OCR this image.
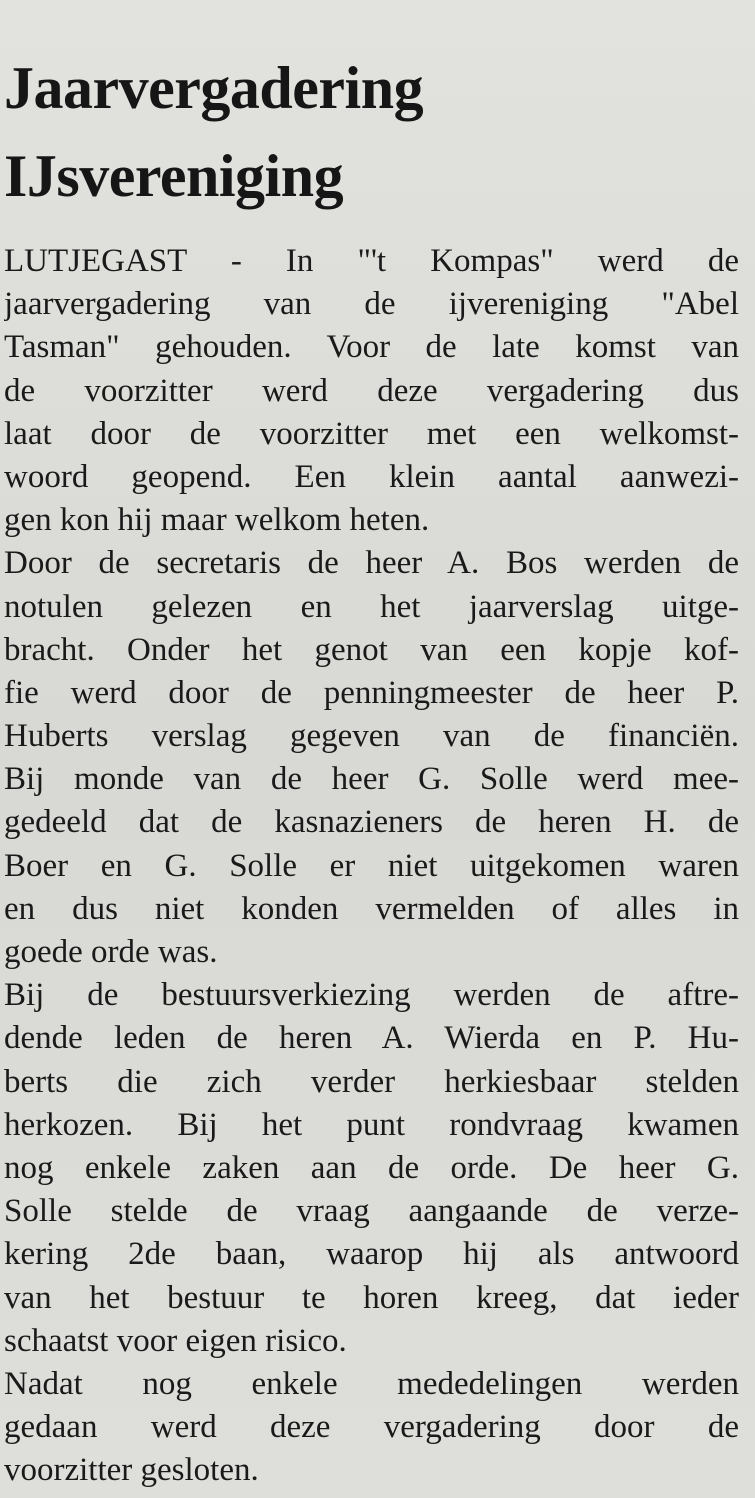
Jaarvergadering
IJsvereniging
LUTJEGAST - In "'t Kompas" werd de
jaarvergadering van de ijvereniging "Abel
Tasman" gehouden. Voor de late komst van
de voorzitter werd deze vergadering dus
laat door de voorzitter met een welkomst-
woord geopend. Een klein aantal aanwezi-
gen kon hij maar welkom heten.
Door de secretaris de heer A. Bos werden de
notulen gelezen en het jaarverslag uitge-
bracht. Onder het genot van een kopje kof-
fie werd door de penningmeester de heer P.
Huberts verslag gegeven van de financiën.
Bij monde van de heer G. Solle werd mee-
gedeeld dat de kasnazieners de heren H. de
Boer en G. Solle er niet uitgekomen waren
en dus niet konden vermelden of alles in
goede orde was.
Bij de bestuursverkiezing werden de aftre-
dende leden de heren A. Wierda en P. Hu-
berts die zich verder herkiesbaar stelden
herkozen. Bij het punt rondvraag kwamen
nog enkele zaken aan de orde. De heer G.
Solle stelde de vraag aangaande de verze-
kering 2de baan, waarop hij als antwoord
van het bestuur te horen kreeg, dat ieder
schaatst voor eigen risico.
Nadat nog enkele mededelingen werden
gedaan werd deze vergadering door de
voorzitter gesloten.
